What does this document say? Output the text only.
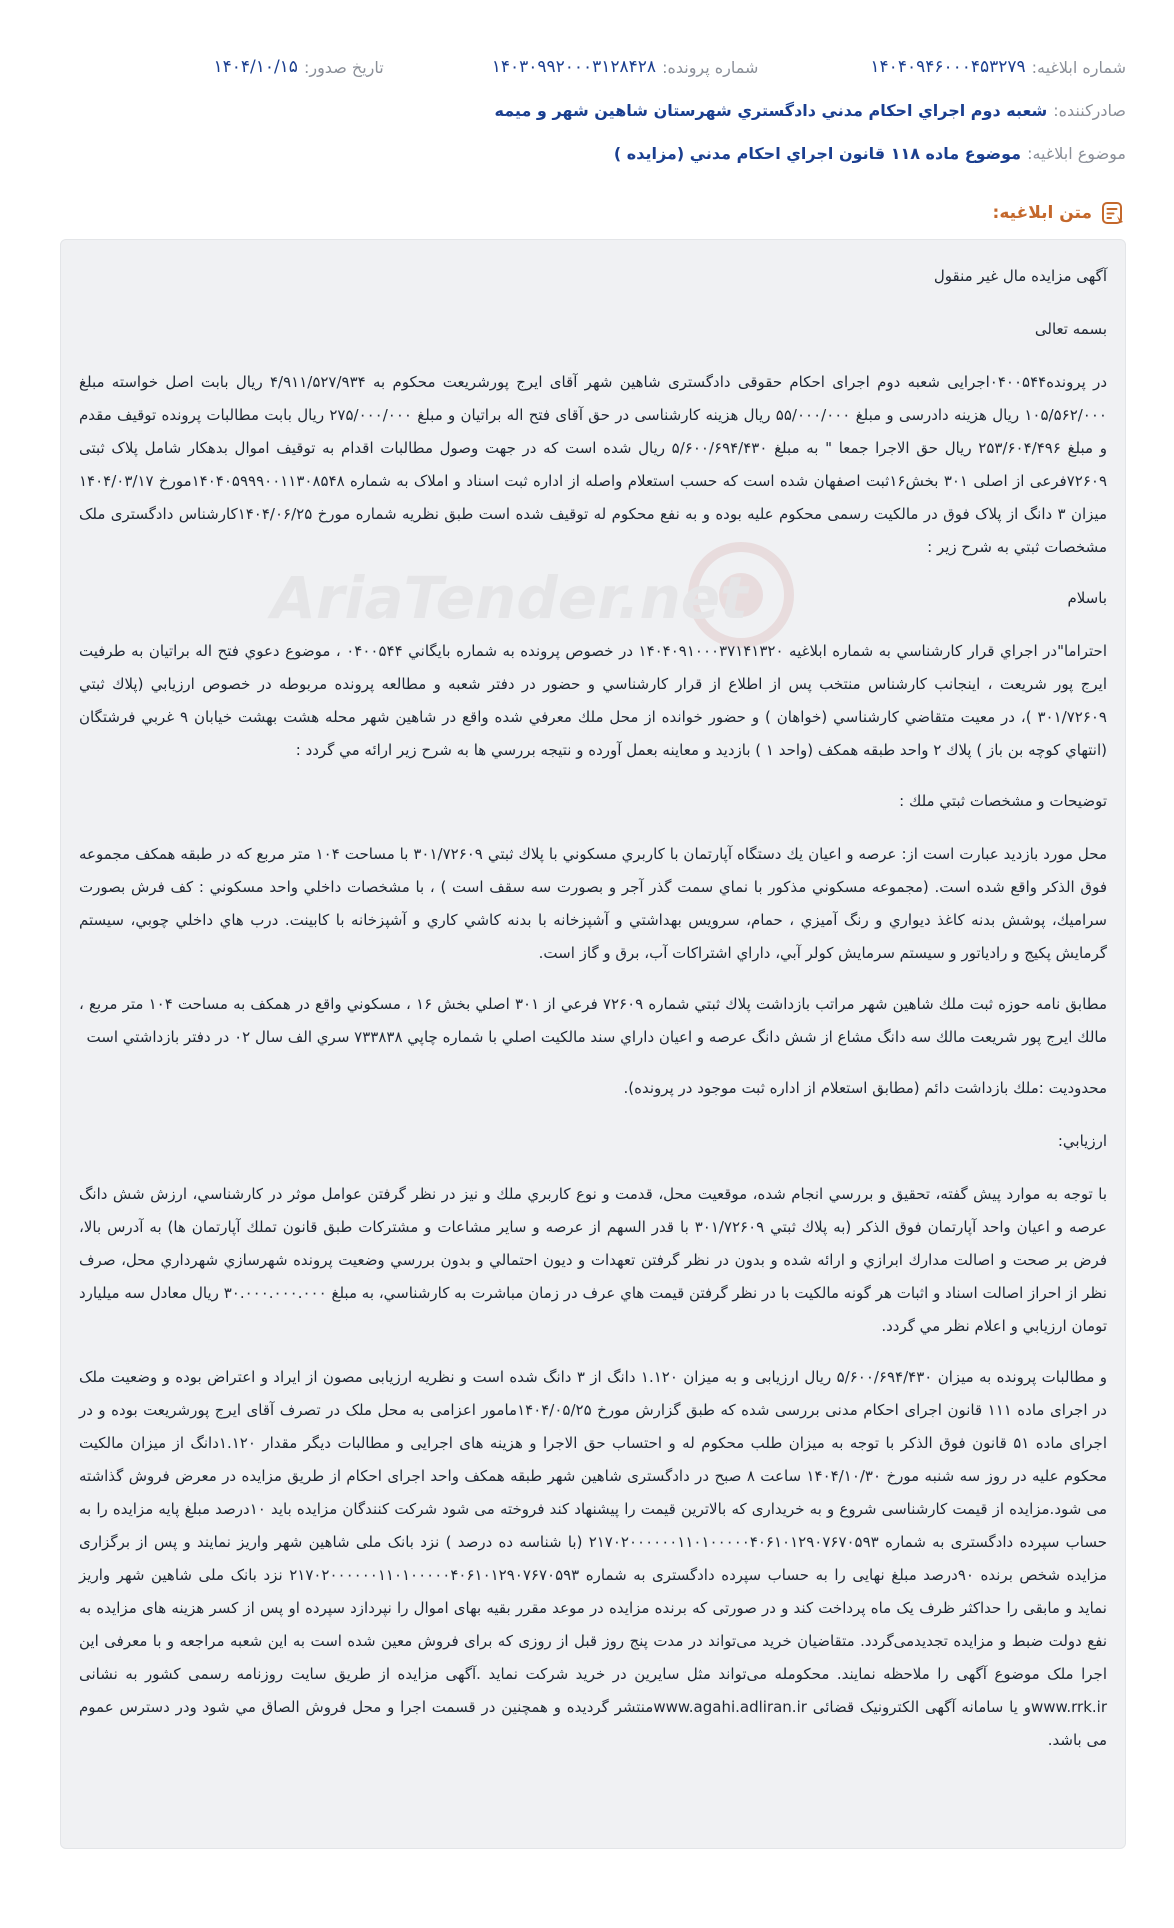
شماره ابلاغيه:
۱۴۰۴۰۹۴۶۰۰۰۴۵۳۲۷۹
شماره پرونده:
۱۴۰۳۰۹۹۲۰۰۰۳۱۲۸۴۲۸
تاريخ صدور:
۱۴۰۴/۱۰/۱۵
صادرکننده:
شعبه دوم اجراي احكام مدني دادگستري شهرستان شاهين شهر و ميمه
موضوع ابلاغيه:
موضوع ماده ۱۱۸ قانون اجراي احكام مدني (مزايده )
متن ابلاغيه:
AriaTender.net

آگهی مزایده مال غیر منقول

بسمه تعالی

در پرونده۰۴۰۰۵۴۴اجرایی شعبه دوم اجرای احکام حقوقی دادگستری شاهین شهر آقای ایرج پورشریعت محکوم به ۴/۹۱۱/۵۲۷/۹۳۴ ریال بابت اصل خواسته مبلغ ۱۰۵/۵۶۲/۰۰۰ ریال هزینه دادرسی و مبلغ ۵۵/۰۰۰/۰۰۰ ریال هزینه کارشناسی در حق آقای فتح اله براتیان و مبلغ ۲۷۵/۰۰۰/۰۰۰ ریال بابت مطالبات پرونده توقیف مقدم و مبلغ ۲۵۳/۶۰۴/۴۹۶ ریال حق الاجرا جمعا " به مبلغ ۵/۶۰۰/۶۹۴/۴۳۰ ریال شده است که در جهت وصول مطالبات اقدام به توقیف اموال بدهکار شامل پلاک ثبتی ۷۲۶۰۹فرعی از اصلی ۳۰۱ بخش۱۶ثبت اصفهان شده است که حسب استعلام واصله از اداره ثبت اسناد و املاک به شماره ۱۴۰۴۰۵۹۹۹۰۰۱۱۳۰۸۵۴۸مورخ ۱۴۰۴/۰۳/۱۷ میزان ۳ دانگ از پلاک فوق در مالکیت رسمی محکوم علیه بوده و به نفع محکوم له توقیف شده است طبق نظریه شماره مورخ ۱۴۰۴/۰۶/۲۵کارشناس دادگستری ملک مشخصات ثبتي به شرح زير :

باسلام

احتراما"در اجراي قرار كارشناسي به شماره ابلاغيه ۱۴۰۴۰۹۱۰۰۰۳۷۱۴۱۳۲۰ در خصوص پرونده به شماره بايگاني ۰۴۰۰۵۴۴ ، موضوع دعوي فتح اله براتيان به طرفيت ايرج پور شريعت ، اينجانب كارشناس منتخب پس از اطلاع از قرار كارشناسي و حضور در دفتر شعبه و مطالعه پرونده مربوطه در خصوص ارزيابي (پلاك ثبتي ۳۰۱/۷۲۶۰۹ )، در معيت متقاضي كارشناسي (خواهان ) و حضور خوانده از محل ملك معرفي شده واقع در شاهين شهر محله هشت بهشت خيابان ۹ غربي فرشتگان (انتهاي كوچه بن باز ) پلاك ۲ واحد طبقه همكف (واحد ۱ ) بازديد و معاينه بعمل آورده و نتيجه بررسي ها به شرح زير ارائه مي گردد :

توضيحات و مشخصات ثبتي ملك :

محل مورد بازديد عبارت است از: عرصه و اعيان يك دستگاه آپارتمان با كاربري مسكوني با پلاك ثبتي ۳۰۱/۷۲۶۰۹ با مساحت ۱۰۴ متر مربع كه در طبقه همكف مجموعه فوق الذكر واقع شده است. (مجموعه مسكوني مذكور با نماي سمت گذر آجر و بصورت سه سقف است ) ، با مشخصات داخلي واحد مسكوني : كف فرش بصورت سراميك، پوشش بدنه كاغذ ديواري و رنگ آميزي ، حمام، سرويس بهداشتي و آشپزخانه با بدنه كاشي كاري و آشپزخانه با كابينت. درب هاي داخلي چوبي، سيستم گرمايش پكيج و رادياتور و سيستم سرمايش كولر آبي، داراي اشتراكات آب، برق و گاز است.

مطابق نامه حوزه ثبت ملك شاهين شهر مراتب بازداشت پلاك ثبتي شماره ۷۲۶۰۹ فرعي از ۳۰۱ اصلي بخش ۱۶ ، مسكوني واقع در همكف به مساحت ۱۰۴ متر مربع ، مالك ايرج پور شريعت مالك سه دانگ مشاع از شش دانگ عرصه و اعيان داراي سند مالكيت اصلي با شماره چاپي ۷۳۳۸۳۸ سري الف سال ۰۲ در دفتر بازداشتي است

محدوديت :ملك بازداشت دائم (مطابق استعلام از اداره ثبت موجود در پرونده).

ارزيابي:

با توجه به موارد پيش گفته، تحقيق و بررسي انجام شده، موقعيت محل، قدمت و نوع كاربري ملك و نيز در نظر گرفتن عوامل موثر در كارشناسي، ارزش شش دانگ عرصه و اعيان واحد آپارتمان فوق الذكر (به پلاك ثبتي ۳۰۱/۷۲۶۰۹ با قدر السهم از عرصه و ساير مشاعات و مشتركات طبق قانون تملك آپارتمان ها) به آدرس بالا، فرض بر صحت و اصالت مدارك ابرازي و ارائه شده و بدون در نظر گرفتن تعهدات و ديون احتمالي و بدون بررسي وضعيت پرونده شهرسازي شهرداري محل، صرف نظر از احراز اصالت اسناد و اثبات هر گونه مالكيت با در نظر گرفتن قيمت هاي عرف در زمان مباشرت به كارشناسي، به مبلغ ۳۰.۰۰۰.۰۰۰.۰۰۰ ريال معادل سه ميليارد تومان ارزيابي و اعلام نظر مي گردد.

و مطالبات پرونده به میزان ۵/۶۰۰/۶۹۴/۴۳۰ ریال ارزیابی و به میزان ۱.۱۲۰ دانگ از ۳ دانگ شده است و نظریه ارزیابی مصون از ایراد و اعتراض بوده و وضعیت ملک در اجرای ماده ۱۱۱ قانون اجرای احکام مدنی بررسی شده که طبق گزارش مورخ ۱۴۰۴/۰۵/۲۵مامور اعزامی به محل ملک در تصرف آقای ایرج پورشریعت بوده و در اجرای ماده ۵۱ قانون فوق الذکر با توجه به میزان طلب محکوم له و احتساب حق الاجرا و هزینه های اجرایی و مطالبات دیگر مقدار ۱.۱۲۰دانگ از میزان مالکیت محکوم علیه در روز سه شنبه مورخ ۱۴۰۴/۱۰/۳۰ ساعت ۸ صبح در دادگستری شاهین شهر طبقه همکف واحد اجرای احکام از طریق مزایده در معرض فروش گذاشته می شود.مزایده از قیمت کارشناسی شروع و به خریداری که بالاترین قیمت را پیشنهاد کند فروخته می شود شرکت کنندگان مزایده باید ۱۰درصد مبلغ پایه مزایده را به حساب سپرده دادگستری به شماره ۲۱۷۰۲۰۰۰۰۰۰۱۱۰۱۰۰۰۰۰۴۰۶۱۰۱۲۹۰۷۶۷۰۵۹۳ (با شناسه ده درصد ) نزد بانک ملی شاهین شهر واریز نمایند و پس از برگزاری مزایده شخص برنده ۹۰درصد مبلغ نهایی را به حساب سپرده دادگستری به شماره ۲۱۷۰۲۰۰۰۰۰۰۱۱۰۱۰۰۰۰۰۴۰۶۱۰۱۲۹۰۷۶۷۰۵۹۳ نزد بانک ملی شاهین شهر واریز نماید و مابقی را حداکثر ظرف یک ماه پرداخت کند و در صورتی که برنده مزایده در موعد مقرر بقیه بهای اموال را نپردازد سپرده او پس از کسر هزینه های مزایده به نفع دولت ضبط و مزایده تجدیدمی‌گردد. متقاضیان خرید می‌تواند در مدت پنج روز قبل از روزی که برای فروش معین شده است به این شعبه مراجعه و با معرفی این اجرا ملک موضوع آگهی را ملاحظه نمایند. محکومله می‌تواند مثل سایرین در خرید شرکت نماید .آگهی مزایده از طریق سایت روزنامه رسمی کشور به نشانی www.rrk.irو یا سامانه آگهی الکترونیک قضائی www.agahi.adliran.irمنتشر گردیده و همچنین در قسمت اجرا و محل فروش الصاق مي شود ودر دسترس عموم می باشد.
